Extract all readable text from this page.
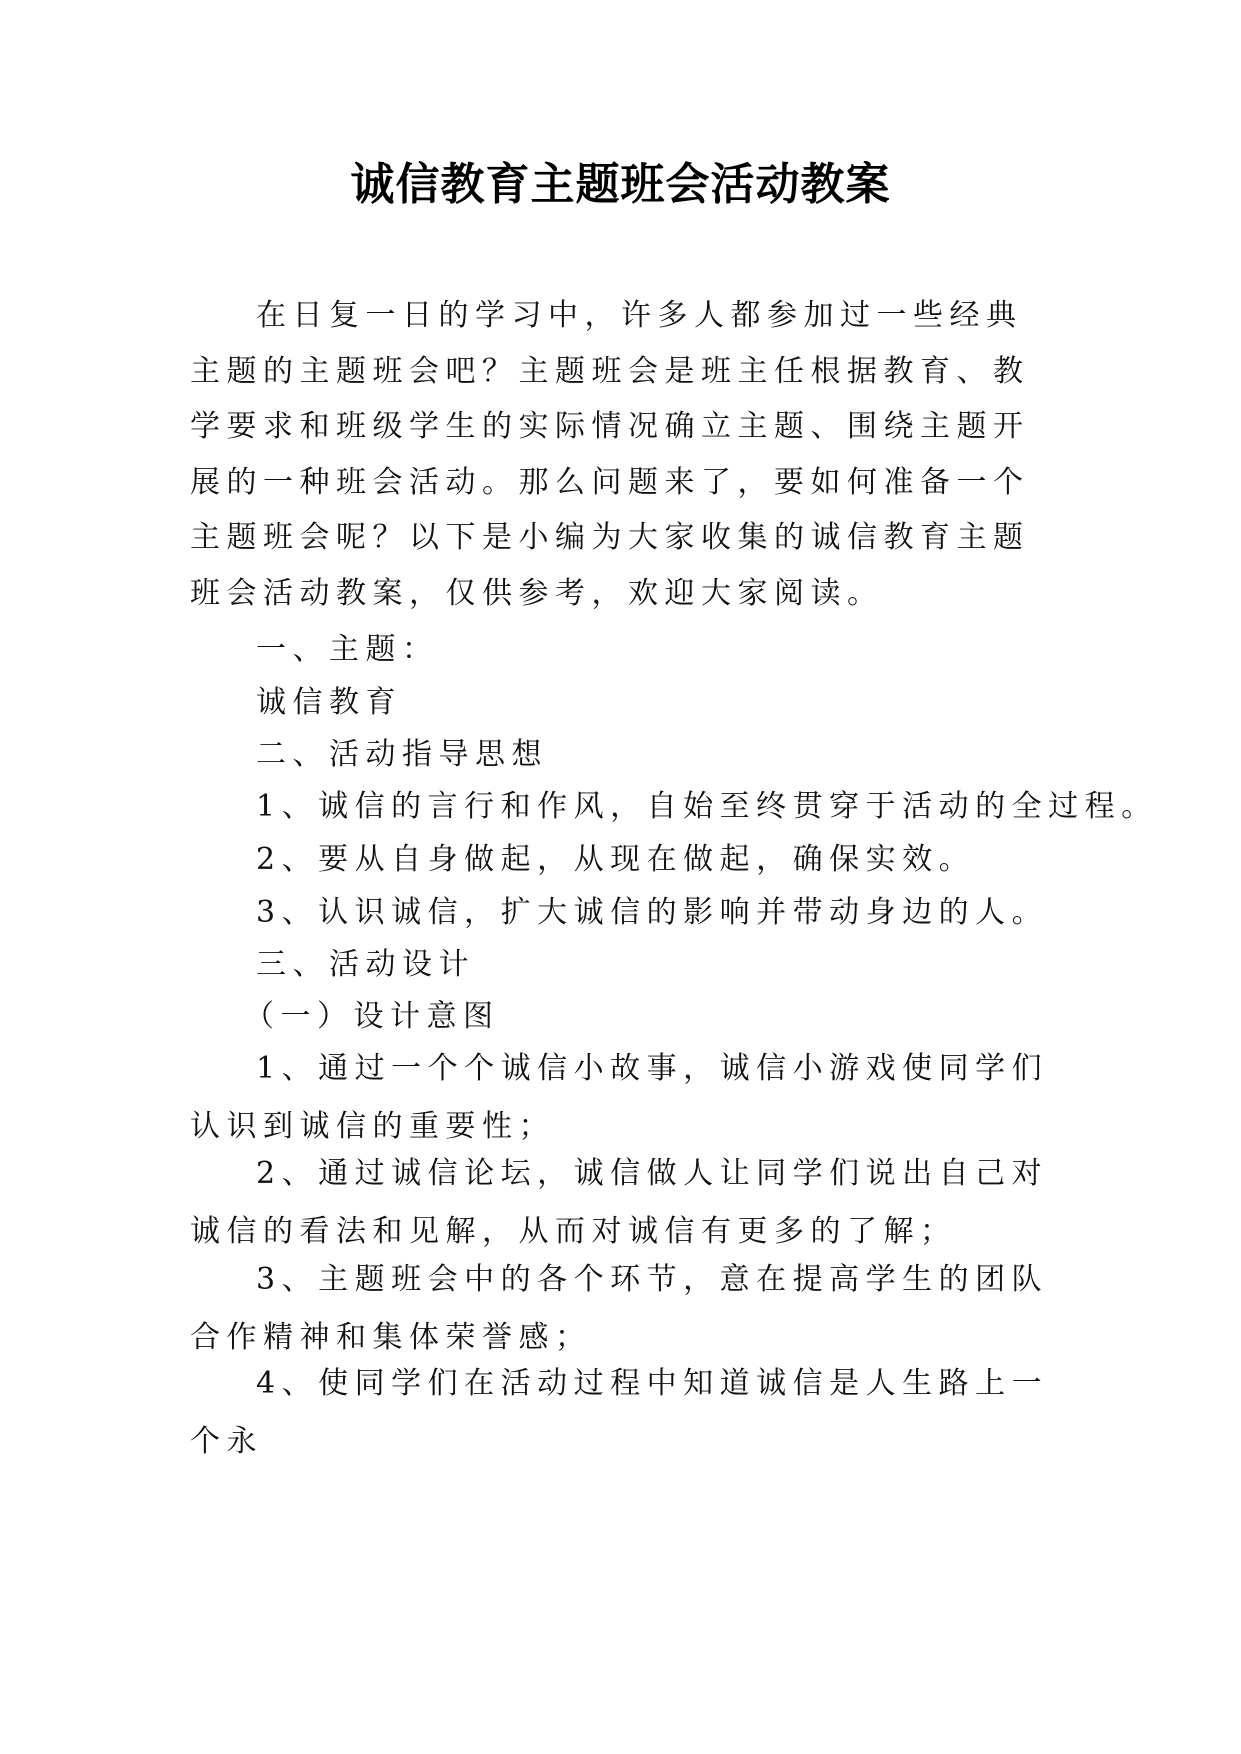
诚信教育主题班会活动教案
在日复一日的学习中，许多人都参加过一些经典主题的主题班会吧？主题班会是班主任根据教育、教学要求和班级学生的实际情况确立主题、围绕主题开展的一种班会活动。那么问题来了，要如何准备一个主题班会呢？以下是小编为大家收集的诚信教育主题班会活动教案，仅供参考，欢迎大家阅读。
一、主题：
诚信教育
二、活动指导思想
1、诚信的言行和作风，自始至终贯穿于活动的全过程。
2、要从自身做起，从现在做起，确保实效。
3、认识诚信，扩大诚信的影响并带动身边的人。
三、活动设计
（一）设计意图
1、通过一个个诚信小故事，诚信小游戏使同学们认识到诚信的重要性；
2、通过诚信论坛，诚信做人让同学们说出自己对诚信的看法和见解，从而对诚信有更多的了解；
3、主题班会中的各个环节，意在提高学生的团队合作精神和集体荣誉感；
4、使同学们在活动过程中知道诚信是人生路上一个永
